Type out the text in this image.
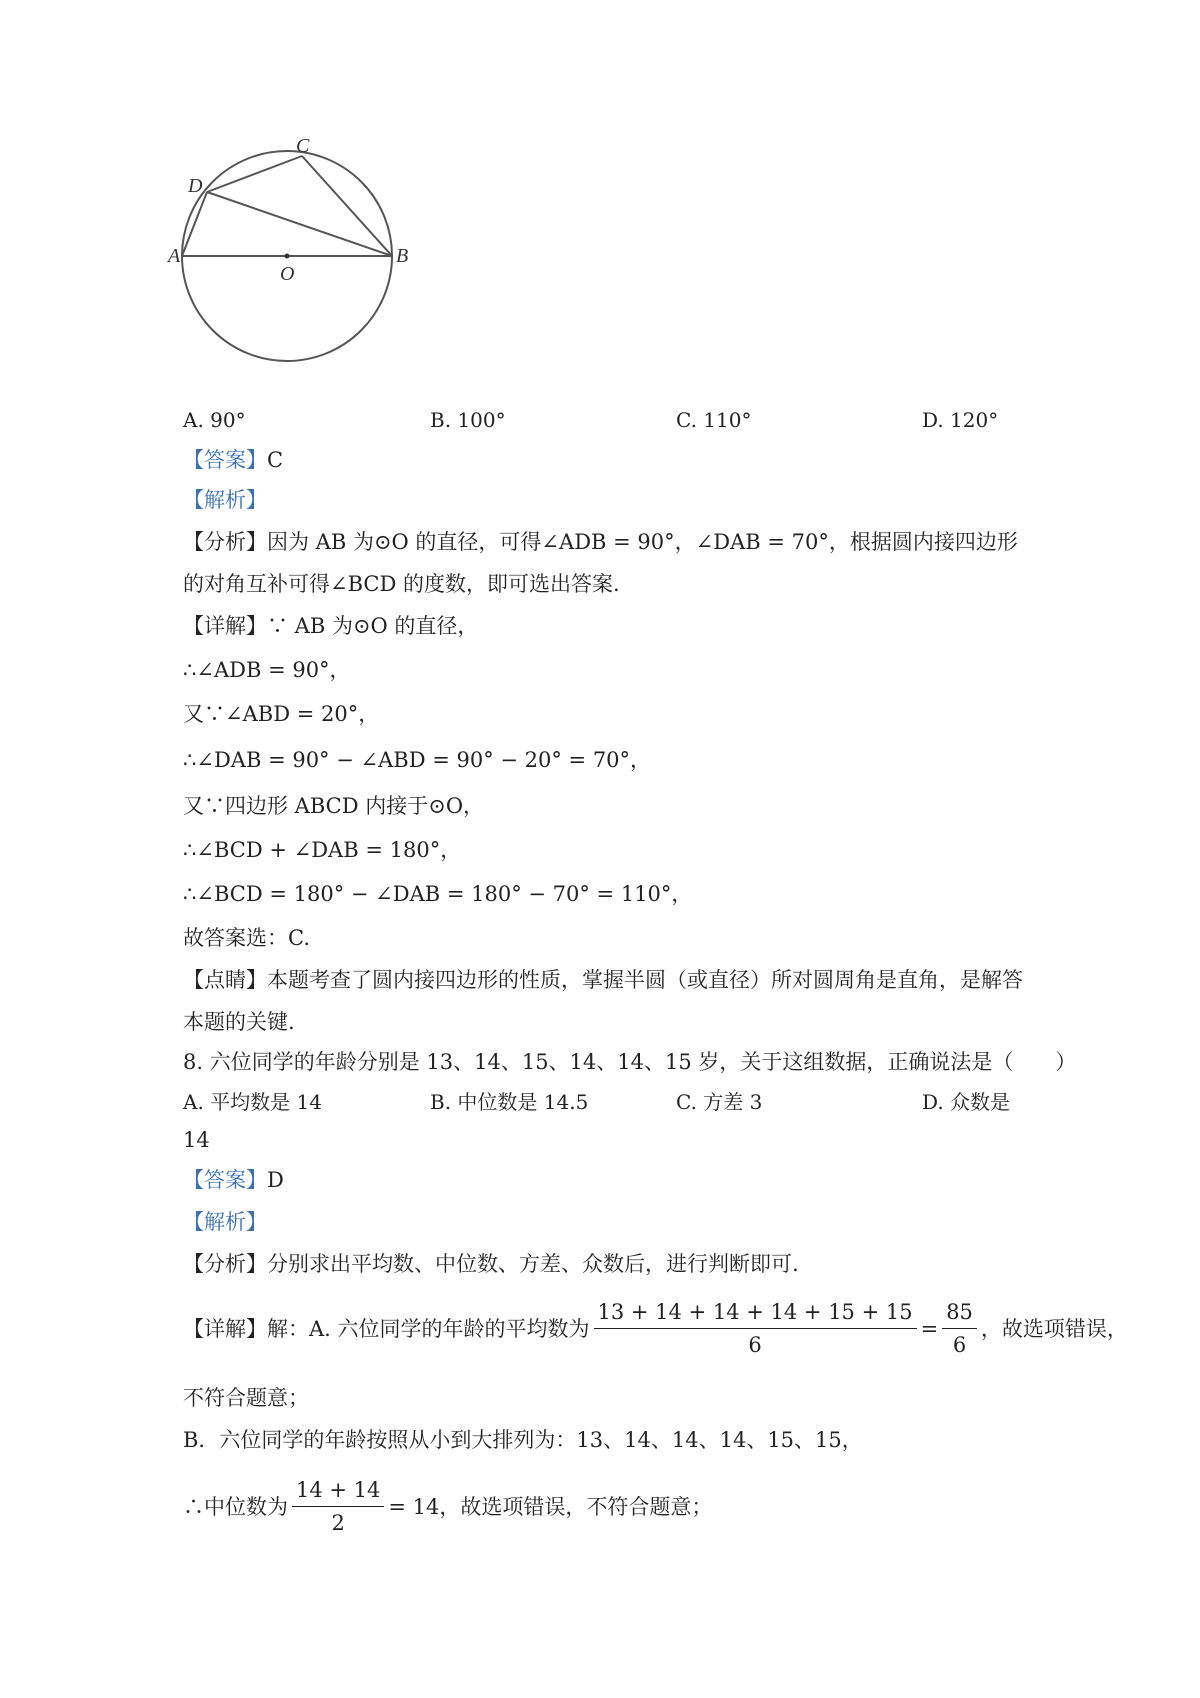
A	B
C
D
O
A. 90°	B. 100°	C. 110°	D. 120°
【答案】C
【解析】
【分析】因为 AB 为⊙O 的直径，可得∠ADB = 90°，∠DAB = 70°，根据圆内接四边形
的对角互补可得∠BCD 的度数，即可选出答案.
【详解】∵ AB 为⊙O 的直径，
∴∠ADB = 90°，
又∵∠ABD = 20°，
∴∠DAB = 90° − ∠ABD = 90° − 20° = 70°，
又∵四边形 ABCD 内接于⊙O，
∴∠BCD + ∠DAB = 180°，
∴∠BCD = 180° − ∠DAB = 180° − 70° = 110°，
故答案选：C.
【点睛】本题考查了圆内接四边形的性质，掌握半圆（或直径）所对圆周角是直角，是解答
本题的关键.
8. 六位同学的年龄分别是 13、14、15、14、14、15 岁，关于这组数据，正确说法是（　　）
A. 平均数是 14	B. 中位数是 14.5	C. 方差 3	D. 众数是
14
【答案】D
【解析】
【分析】分别求出平均数、中位数、方差、众数后，进行判断即可.
【详解】解：A. 六位同学的年龄的平均数为 $\frac{13 + 14 + 14 + 14 + 15 + 15}{6} = \frac{85}{6}$ ，故选项错误，
不符合题意；
B．六位同学的年龄按照从小到大排列为：13、14、14、14、15、15，
∴中位数为 $\frac{14 + 14}{2} = 14$，故选项错误，不符合题意；
